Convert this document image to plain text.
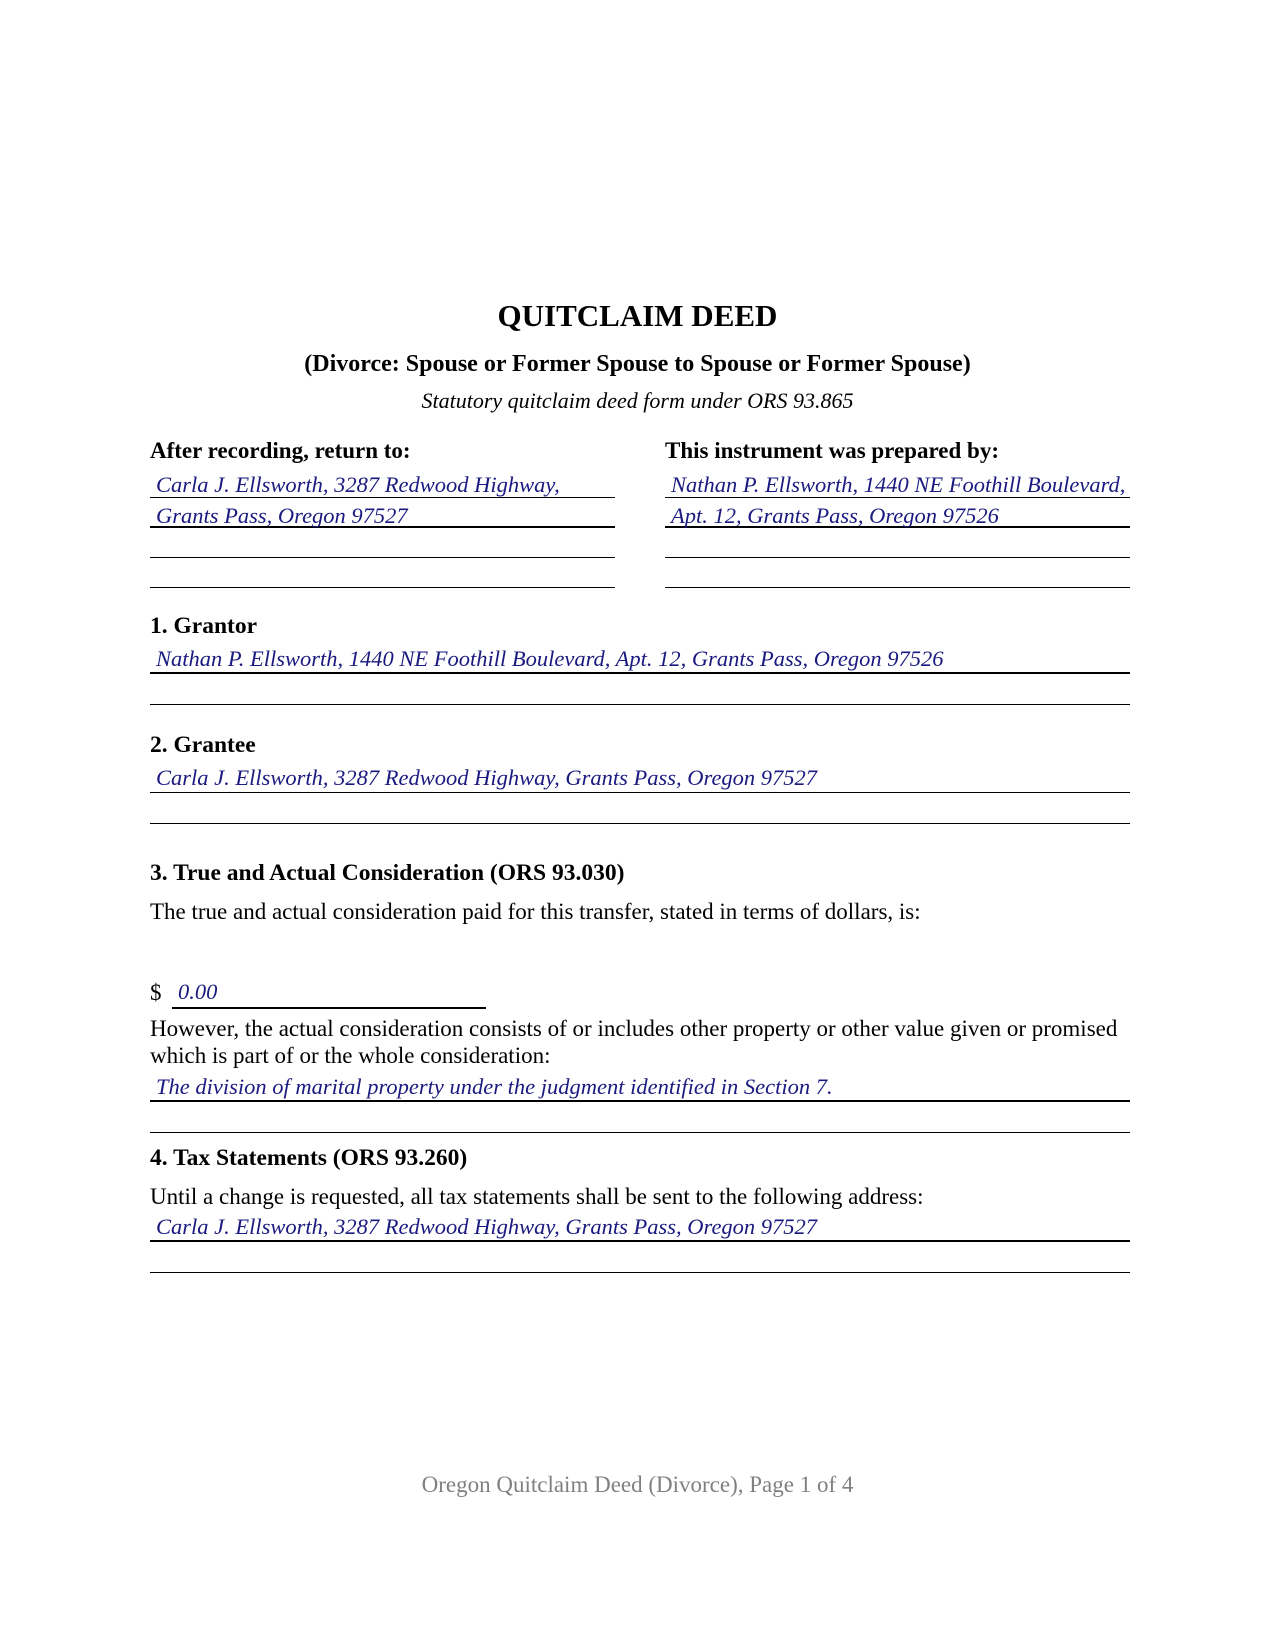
QUITCLAIM DEED
(Divorce: Spouse or Former Spouse to Spouse or Former Spouse)
Statutory quitclaim deed form under ORS 93.865
After recording, return to:
Carla J. Ellsworth, 3287 Redwood Highway, Grants Pass, Oregon 97527
This instrument was prepared by:
Nathan P. Ellsworth, 1440 NE Foothill Boulevard, Apt. 12, Grants Pass, Oregon 97526
1. Grantor
Nathan P. Ellsworth, 1440 NE Foothill Boulevard, Apt. 12, Grants Pass, Oregon 97526
2. Grantee
Carla J. Ellsworth, 3287 Redwood Highway, Grants Pass, Oregon 97527
3. True and Actual Consideration (ORS 93.030)
The true and actual consideration paid for this transfer, stated in terms of dollars, is:
$ 0.00
However, the actual consideration consists of or includes other property or other value given or promised which is part of or the whole consideration:
The division of marital property under the judgment identified in Section 7.
4. Tax Statements (ORS 93.260)
Until a change is requested, all tax statements shall be sent to the following address:
Carla J. Ellsworth, 3287 Redwood Highway, Grants Pass, Oregon 97527
Oregon Quitclaim Deed (Divorce), Page 1 of 4
